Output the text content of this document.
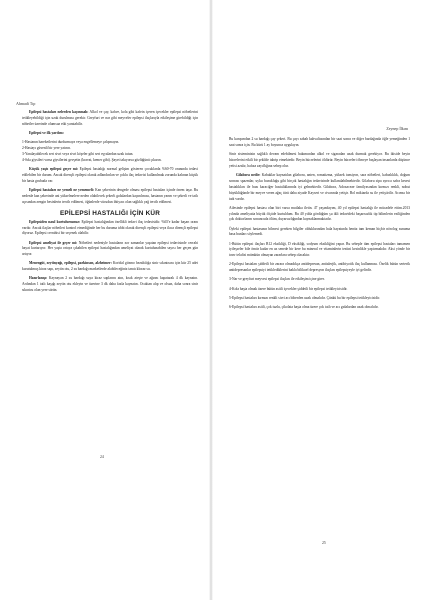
Ahmadi Tıp

Epilepsi hastaları nelerden kaçınmalı: Alkol ve çay, kahve, kola gibi kafein içeren içecekler epilepsi nöbetlerini tetikleyebildiği için uzak durulması gerekir. Greyfurt ve nar gibi meyveler epilepsi ilaçlarıyla etkileşime girebildiği için nöbetler üzerinde olumsuz etki yaratabilir.

Epilepsi ve ilk yardım:

1-Hastanın hareketlerini durdurmaya veya engellemeye çalışmayın.
2-Hastayı güvenli bir yere yatırın.
3-Yaralayabilecek sert sivri veya sivri köşeler gibi sert eşyalardan uzak tutun.
4-Sıkı giysileri varsa giysilerini gevşetin (kravat, kemer gibi). Şayet takıyorsa gözlüğünü çıkarın.

Küçük yaştı epilepsi geçer mi: Epilepsi hastalığı normal gelişim gösteren çocuklarda %60-70 oranında tedavi edilebilen bir durum. Ancak dirençli epilepsi olarak adlandırılan ve çoklu ilaç tedavisi kullanılmak zorunda kalınan küçük bir hasta grubuda var.

Epilepsi hastaları ne yemeli ne yememeli: Kan şekerinin dengede olması epilepsi hastaları içinde önem taşır. Bu nedenle kan şekerinde ani yükselmelere neden olabilecek şekerli gıdalardan kaçınılması, hastanın yarım ve şekerli ve tatlı açısından zengin besinlerin tercih edilmesi, öğünlerde vücudun ihtiyacı olan sağlıklı yağ tercih edilmesi.

EPİLEPSİ HASTALIĞI İÇİN KÜR

Epilepsiden nasıl kurtulursunuz: Epilepsi hastalığından özellikli tedavi ilaç tedavisidir. %65'e kadar başarı oranı vardır. Ancak ilaçlar nöbetleri kontrol etmediğinde her bu duruma tıbbi olarak dirençli epilepsi veya ilaca dirençli epilepsi diyoruz. Epilepsi cerrahisi bir seçenek olabilir.

Epilepsi ameliyat ile geçer mi: Nöbetleri nedeniyle hastaların zor zamanlar yaşatan epilepsi tedavisinde cerrahi hayat kurtarıyor. Her yaşta ortaya çıkabilen epilepsi hastalığından ameliyat olarak kurtulunabilen sayısı her geçen gün artıyor.

Menengüt, zeytinyağı, epilepsi, parkinson, alzheimer: Koridal gözmo hezaltılığa sinir sıkıntısını için kür 25 adet kurutulmuş kiraz sapı, zeytin otu, 2 su bardağı marketlerde alabileceğiniz tanıtı kloraz su.

Hazırlanışı: Kaynayan 2 su bardağı suya kiraz saplarını atın, kısık ateşte ve ağzını kapatarak 4 dk kaynatın. Ardından 1 tatlı kaşığı zeytin otu ekleyin ve üzerine 3 dk daha fazla kaynatın. Ocaktan alıp ve olsun, daha sonra sinir sıkıntısı olan yere sürün.

24
Zeynep İlkım

Bu karışımdan 2 su bardağı çay şekeri. Bu çayı sabah kahvaltısından bir saat sonra ve diğer bardağında öğle yemeğinden 1 saat sonra için. Bu kürü 1 ay boyunca uygulayın.

Sinir sisteminizin sağlıklı devam edebilmesi bakımından alkol ve sigaradan uzak durmak gerekiyor. Bu ikiside beyin hücrelerini etkili bir şekilde tahrip etmektedir. Beyin hücrelerini öldürür. Beyin hücreleri ölmeye başlayan insanlarda düşünce yetisi azalır, hafıza zayıflığına sebep olur.

Gilabora nedir: Kabuklar kaynatılan gilaboru, anten, romatizma, yüksek tansiyon, sara nöbetleri, kabızlıklık, doğum sonrası spazmlar, uyku bozukluğu gibi birçok hastalığın tedavisinde kullanılabilmektedir. Gilaboru sipa ayrıca safra kesesi hastalıkları ile bazı karaciğer hastalıklarında iyi gelmektedir. Gilabora, Adoxaceae familyasından kırmızı renkli, nohut büyüklüğünde bir meyve veren ağaç türü daha ziyade Kayseri ve civarında yetişir. Bol miktarda su ile yetiştirilir. Acımsı bir tadı vardır.

Ailesinde epilepsi hastası olan biri varsa mutlaka iletin. 47 yaşındayım, 40 yıl epilepsi hastalığı ile mücadele ettim.2013 yılında ameliyatta büyük ölçüde kurtuldum. Bu 40 yılda gördüğüm şu ikli tedavideki başarısızlık tip bilimlerin eziliğinden çok doktorlarım sonuncuda ölüm, duyarsızlığından kaynaklanmaktadır.

Öyleki epilepsi hastasının bilmesi gereken bilgiler olduklarından hala hayatında henüz tam keman hiçbir nörolog sunuma basa bunları söylemedi.

1-Bütün epilepsi ilaçları B12 eksikliği, D eksikliği, sodyum eksikliğini yapar. Bu sebeple tüm epilepsi hastaları tamamen iyileşseler bile ömür kadar en az senede bir kere bu mineral ve vitaminlerin testini kesinlikle yaptırmalıdır. Aksi yönde bir tavır telafisi mümkün olmayan zararlara sebep olacaktır.

2-Epilepsi hastaları şiddetli bir zarara olmadıkça antidepresan, antialerjik, antibiyotik ilaç kullanması. Özelik bütün serterik antidepresanlar epilepsiyi tetiklediklerini bakla bilikuel depresyon ilaçları epilepsiyeyle iyi gelirdir.

3-Nar ve greyfurt meyvesi epilepsi ilaçları ile etkileşim içine girer.

4-Kola başta olmak üzere bütün asitli içecekler şiddetli bir epilepsi tetikleyicisidir.

5-Epilepsi hastaları kırmızı renkli sivri acı biberden uzak olmalıdır. Çünkü bu bir epilepsi tetikleyicisidir.

6-Epilepsi hastaları asitli, çok tuzlu, çikolata başta olma üzere çok tatlı ve acı gıdalardan uzak olmalıdır.

25
